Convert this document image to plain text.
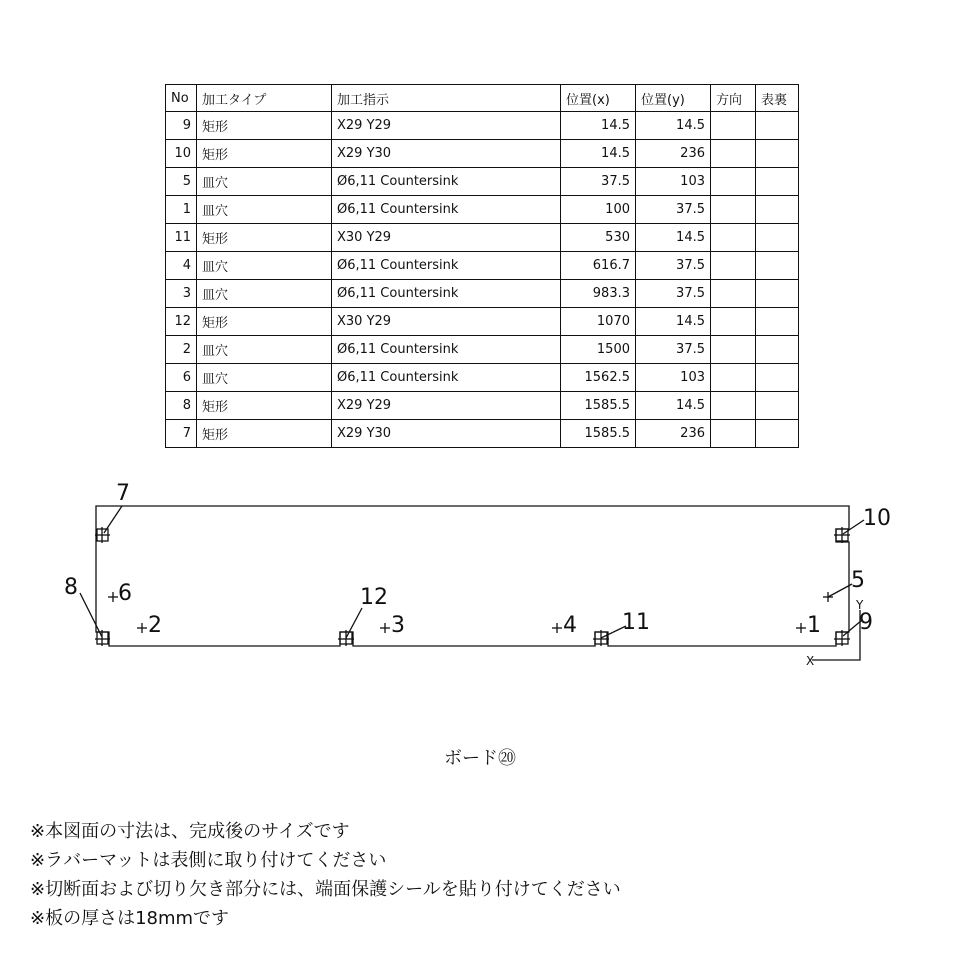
No	加工タイプ	加工指示	位置(x)	位置(y)	方向	表裏
9	矩形	X29 Y29	14.5	14.5		
10	矩形	X29 Y30	14.5	236		
5	皿穴	Ø6,11 Countersink	37.5	103		
1	皿穴	Ø6,11 Countersink	100	37.5		
11	矩形	X30 Y29	530	14.5		
4	皿穴	Ø6,11 Countersink	616.7	37.5		
3	皿穴	Ø6,11 Countersink	983.3	37.5		
12	矩形	X30 Y29	1070	14.5		
2	皿穴	Ø6,11 Countersink	1500	37.5		
6	皿穴	Ø6,11 Countersink	1562.5	103		
8	矩形	X29 Y29	1585.5	14.5		
7	矩形	X29 Y30	1585.5	236		
7
8 6
2
12
3	4 11	1
10
5
9
Y
X
ボード⑳
※本図面の寸法は、完成後のサイズです
※ラバーマットは表側に取り付けてください
※切断面および切り欠き部分には、端面保護シールを貼り付けてください
※板の厚さは18mmです
